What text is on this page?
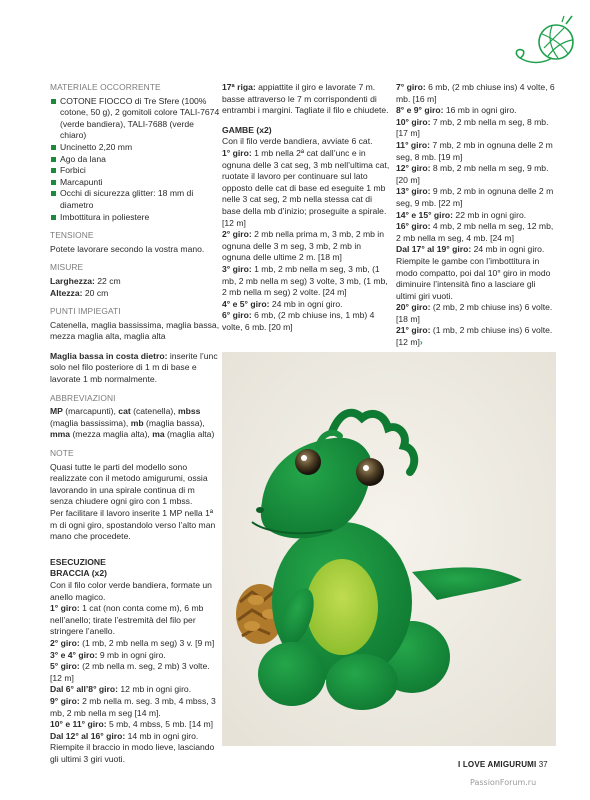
MATERIALE OCCORRENTE
COTONE FIOCCO di Tre Sfere (100% cotone, 50 g), 2 gomitoli colore TALI-7674 (verde bandiera), TALI-7688 (verde chiaro)
Uncinetto 2,20 mm
Ago da lana
Forbici
Marcapunti
Occhi di sicurezza glitter: 18 mm di diametro
Imbottitura in poliestere
TENSIONE

Potete lavorare secondo la vostra mano.

MISURE

Larghezza: 22 cm

Altezza: 20 cm

PUNTI IMPIEGATI

Catenella, maglia bassissima, maglia bassa, mezza maglia alta, maglia alta

Maglia bassa in costa dietro: inserite l’unc solo nel filo posteriore di 1 m di base e lavorate 1 mb normalmente.

ABBREVIAZIONI

MP (marcapunti), cat (catenella), mbss (maglia bassissima), mb (maglia bassa), mma (mezza maglia alta), ma (maglia alta)

NOTE

Quasi tutte le parti del modello sono realizzate con il metodo amigurumi, ossia lavorando in una spirale continua di m senza chiudere ogni giro con 1 mbss.

Per facilitare il lavoro inserite 1 MP nella 1ª m di ogni giro, spostandolo verso l’alto man mano che procedete.

ESECUZIONE
BRACCIA (x2)

Con il filo color verde bandiera, formate un anello magico.

1° giro: 1 cat (non conta come m), 6 mb nell’anello; tirate l’estremità del filo per stringere l’anello.

2° giro: (1 mb, 2 mb nella m seg) 3 v. [9 m]

3° e 4° giro: 9 mb in ogni giro.

5° giro: (2 mb nella m. seg, 2 mb) 3 volte. [12 m]

Dal 6° all’8° giro: 12 mb in ogni giro.

9° giro: 2 mb nella m. seg. 3 mb, 4 mbss, 3 mb, 2 mb nella m seg [14 m].

10° e 11° giro: 5 mb, 4 mbss, 5 mb. [14 m]

Dal 12° al 16° giro: 14 mb in ogni giro.

Riempite il braccio in modo lieve, lasciando gli ultimi 3 giri vuoti.

17ª riga: appiattite il giro e lavorate 7 m. basse attraverso le 7 m corrispondenti di entrambi i margini. Tagliate il filo e chiudete.

GAMBE (x2)

Con il filo verde bandiera, avviate 6 cat.

1° giro: 1 mb nella 2ª cat dall’unc e in ognuna delle 3 cat seg, 3 mb nell’ultima cat, ruotate il lavoro per continuare sul lato opposto delle cat di base ed eseguite 1 mb nelle 3 cat seg, 2 mb nella stessa cat di base della mb d’inizio; proseguite a spirale. [12 m]

2° giro: 2 mb nella prima m, 3 mb, 2 mb in ognuna delle 3 m seg, 3 mb, 2 mb in ognuna delle ultime 2 m. [18 m]

3° giro: 1 mb, 2 mb nella m seg, 3 mb, (1 mb, 2 mb nella m seg) 3 volte, 3 mb, (1 mb, 2 mb nella m seg) 2 volte. [24 m]

4° e 5° giro: 24 mb in ogni giro.

6° giro: 6 mb, (2 mb chiuse ins, 1 mb) 4 volte, 6 mb. [20 m]

7° giro: 6 mb, (2 mb chiuse ins) 4 volte, 6 mb. [16 m]

8° e 9° giro: 16 mb in ogni giro.

10° giro: 7 mb, 2 mb nella m seg, 8 mb. [17 m]

11° giro: 7 mb, 2 mb in ognuna delle 2 m seg, 8 mb. [19 m]

12° giro: 8 mb, 2 mb nella m seg, 9 mb. [20 m]

13° giro: 9 mb, 2 mb in ognuna delle 2 m seg, 9 mb. [22 m]

14° e 15° giro: 22 mb in ogni giro.

16° giro: 4 mb, 2 mb nella m seg, 12 mb, 2 mb nella m seg, 4 mb. [24 m]

Dal 17° al 19° giro: 24 mb in ogni giro.

Riempite le gambe con l’imbottitura in modo compatto, poi dal 10° giro in modo diminuire l’intensità fino a lasciare gli ultimi giri vuoti.

20° giro: (2 mb, 2 mb chiuse ins) 6 volte. [18 m]

21° giro: (1 mb, 2 mb chiuse ins) 6 volte. [12 m]›

I LOVE AMIGURUMI 37
PassionForum.ru
